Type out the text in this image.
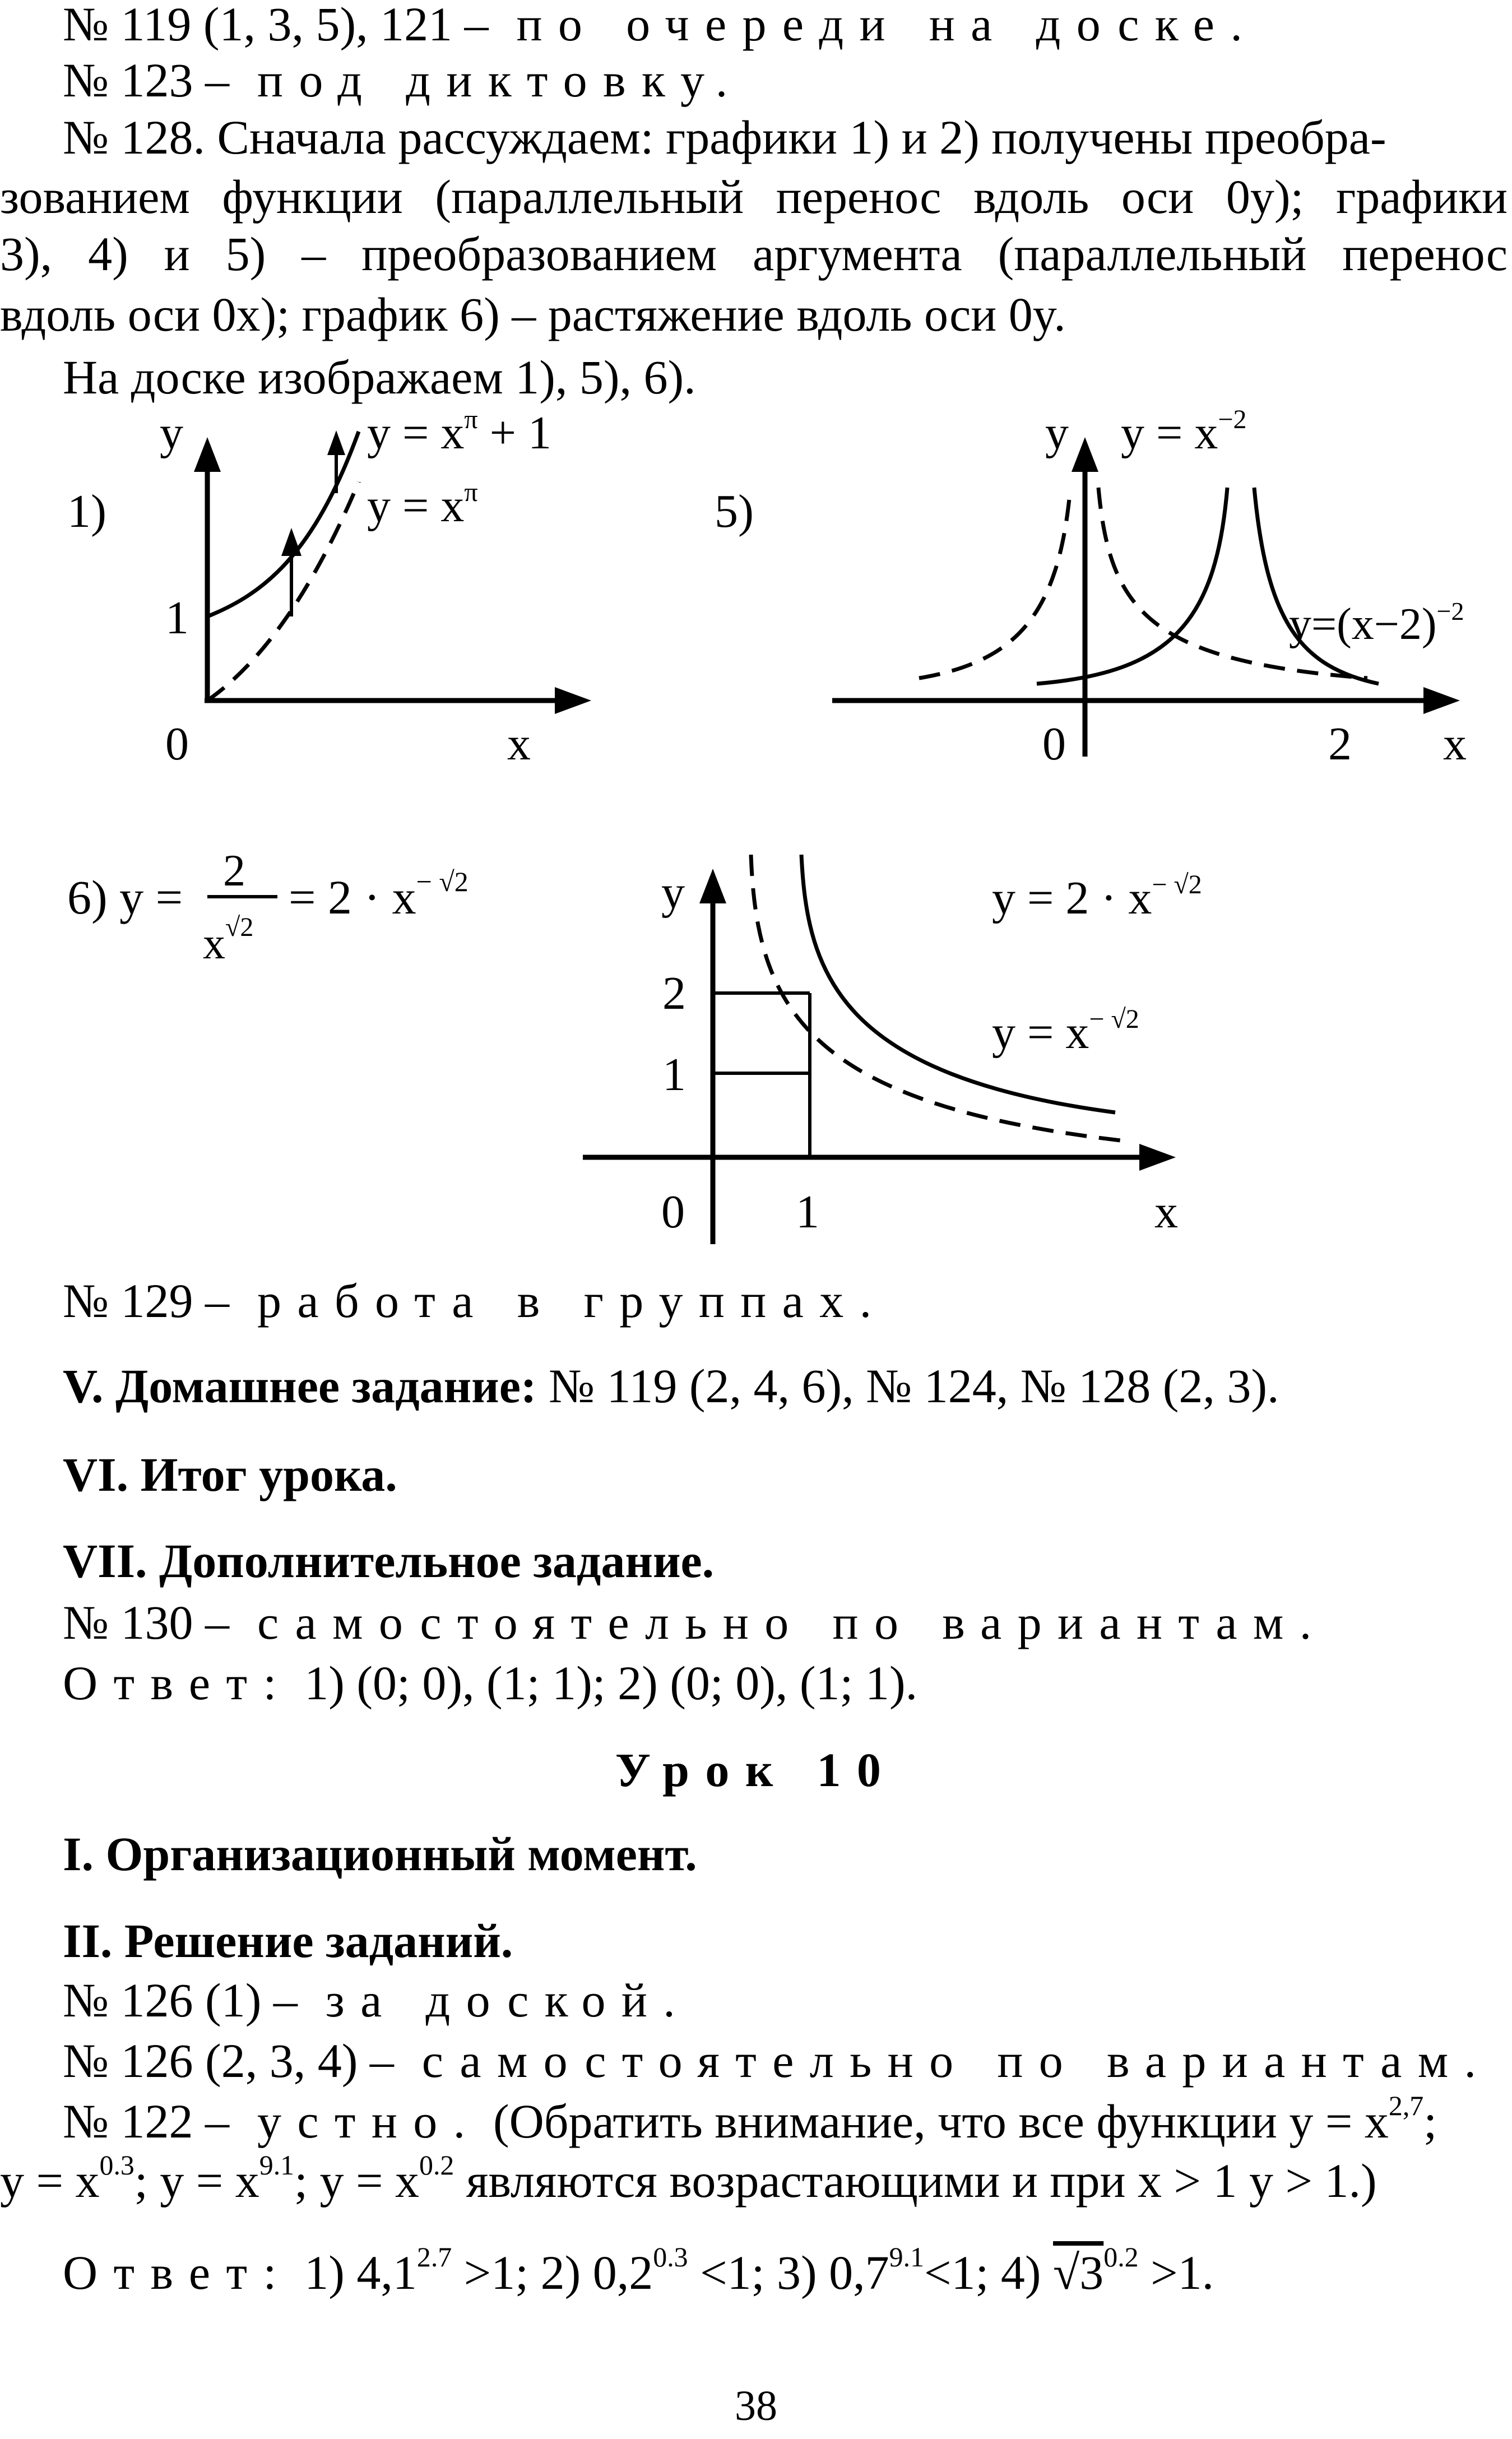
№ 119 (1, 3, 5), 121 – по очереди на доске.
№ 123 – под диктовку.
№ 128. Сначала рассуждаем: графики 1) и 2) получены преобра-
зованием функции (параллельный перенос вдоль оси 0y); графики
3), 4) и 5) – преобразованием аргумента (параллельный перенос
вдоль оси 0x); график 6) – растяжение вдоль оси 0y.
На доске изображаем 1), 5), 6).
1)
y
x
0
1
$y = x^\pi + 1$
$y = x^\pi$	5)
y
x
0	2
$y = x^{-2}$
$y=(x-2)^{-2}$
6) y = 2
$x^{√2}$
= $2 \cdot x^{- √2}$	y
x
0 1
2
1
$y = 2 \cdot x^{- √2}$
$y = x^{- √2}$
№ 129 – работа в группах.
V. Домашнее задание: № 119 (2, 4, 6), № 124, № 128 (2, 3).
VI. Итог урока.
VII. Дополнительное задание.
№ 130 – самостоятельно по вариантам.
Ответ: 1) (0; 0), (1; 1); 2) (0; 0), (1; 1).
Урок 10
I. Организационный момент.
II. Решение заданий.
№ 126 (1) – за доской.
№ 126 (2, 3, 4) – самостоятельно по вариантам.
№ 122 – устно. (Обратить внимание, что все функции $y = x^{2,7}$;
$y = x^{0.3}$; $y = x^{9.1}$; $y = x^{0.2}$ являются возрастающими и при x > 1 y > 1.)
Ответ: 1) $4,1^{2.7} >1$; 2) $0,2^{0.3} <1$; 3) $0,7^{9.1}<1$; 4) $√3^{0.2} >1$.
38
